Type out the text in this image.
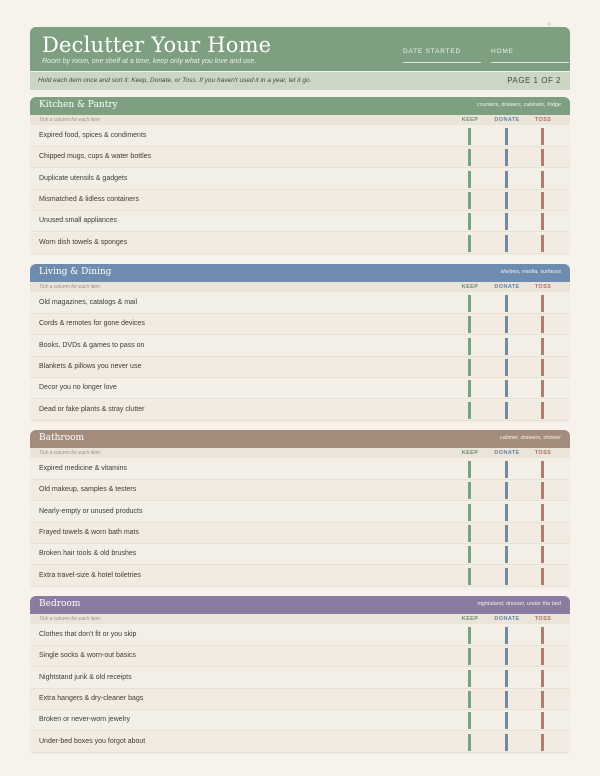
Declutter Your Home
Room by room, one shelf at a time, keep only what you love and use.
DATE STARTED	HOME
Hold each item once and sort it: Keep, Donate, or Toss. If you haven't used it in a year, let it go.	PAGE 1 OF 2
Kitchen & Pantry	counters, drawers, cabinets, fridge
Tick a column for each item	KEEP	DONATE	TOSS
Expired food, spices & condiments
Chipped mugs, cups & water bottles
Duplicate utensils & gadgets
Mismatched & lidless containers
Unused small appliances
Worn dish towels & sponges
Living & Dining	shelves, media, surfaces
Tick a column for each item	KEEP	DONATE	TOSS
Old magazines, catalogs & mail
Cords & remotes for gone devices
Books, DVDs & games to pass on
Blankets & pillows you never use
Decor you no longer love
Dead or fake plants & stray clutter
Bathroom	cabinet, drawers, shower
Tick a column for each item	KEEP	DONATE	TOSS
Expired medicine & vitamins
Old makeup, samples & testers
Nearly-empty or unused products
Frayed towels & worn bath mats
Broken hair tools & old brushes
Extra travel-size & hotel toiletries
Bedroom	nightstand, dresser, under the bed
Tick a column for each item	KEEP	DONATE	TOSS
Clothes that don't fit or you skip
Single socks & worn-out basics
Nightstand junk & old receipts
Extra hangers & dry-cleaner bags
Broken or never-worn jewelry
Under-bed boxes you forgot about
